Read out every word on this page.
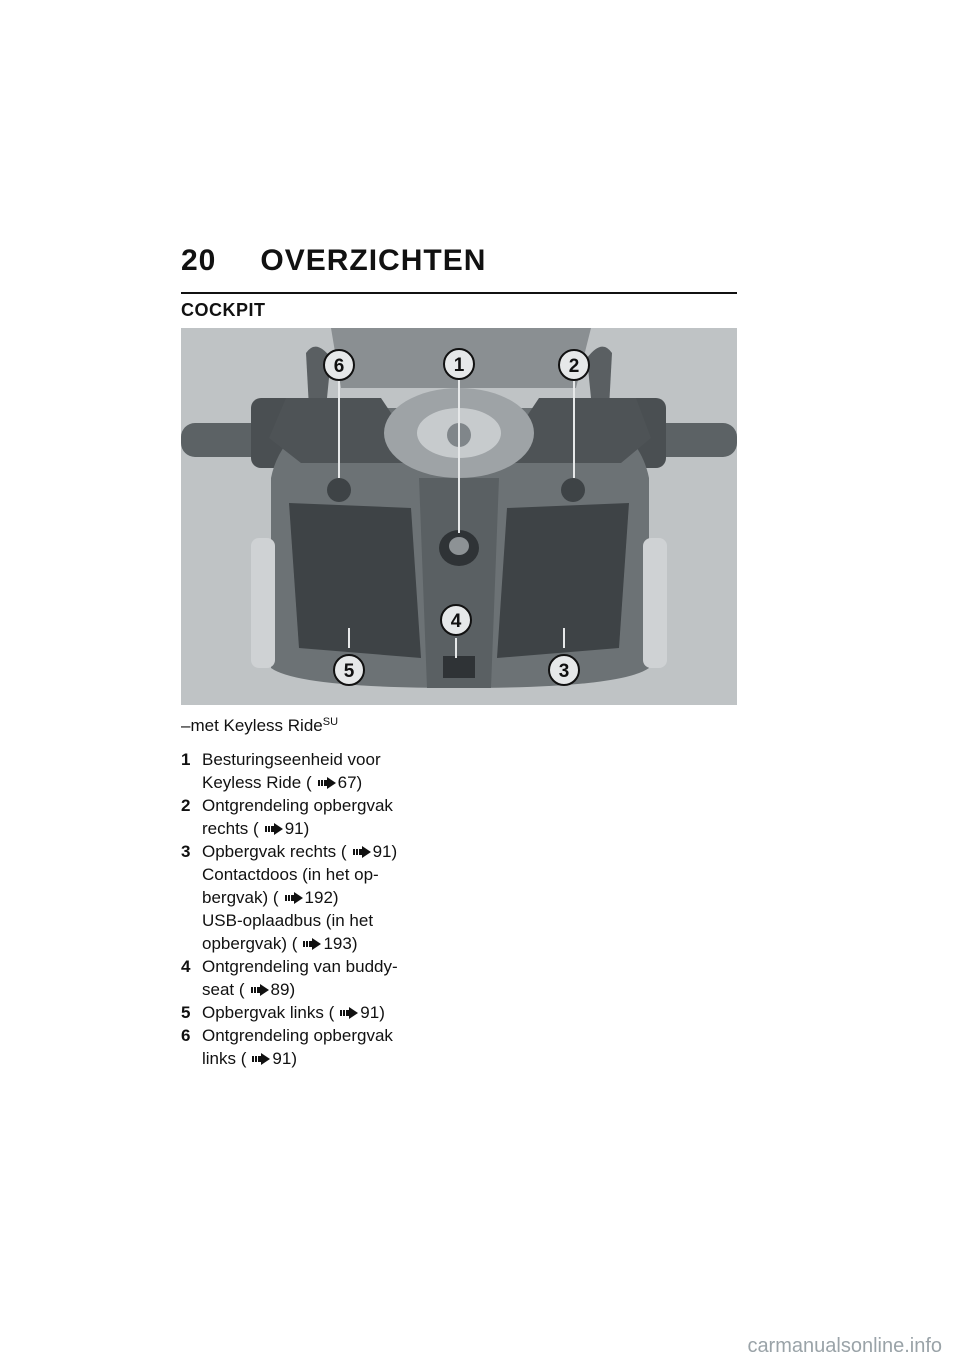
20 OVERZICHTEN
COCKPIT
1	2
3
4
5
6
–met Keyless Ride$^{SU}$
1 Besturingseenheid voor
Keyless Ride ( 67)
2 Ontgrendeling opbergvak
rechts ( 91)
3 Opbergvak rechts ( 91)
Contactdoos (in het op-
bergvak) ( 192)
USB-oplaadbus (in het
opbergvak) ( 193)
4 Ontgrendeling van buddy-
seat ( 89)
5 Opbergvak links ( 91)
6 Ontgrendeling opbergvak
links ( 91)
carmanualsonline.info
